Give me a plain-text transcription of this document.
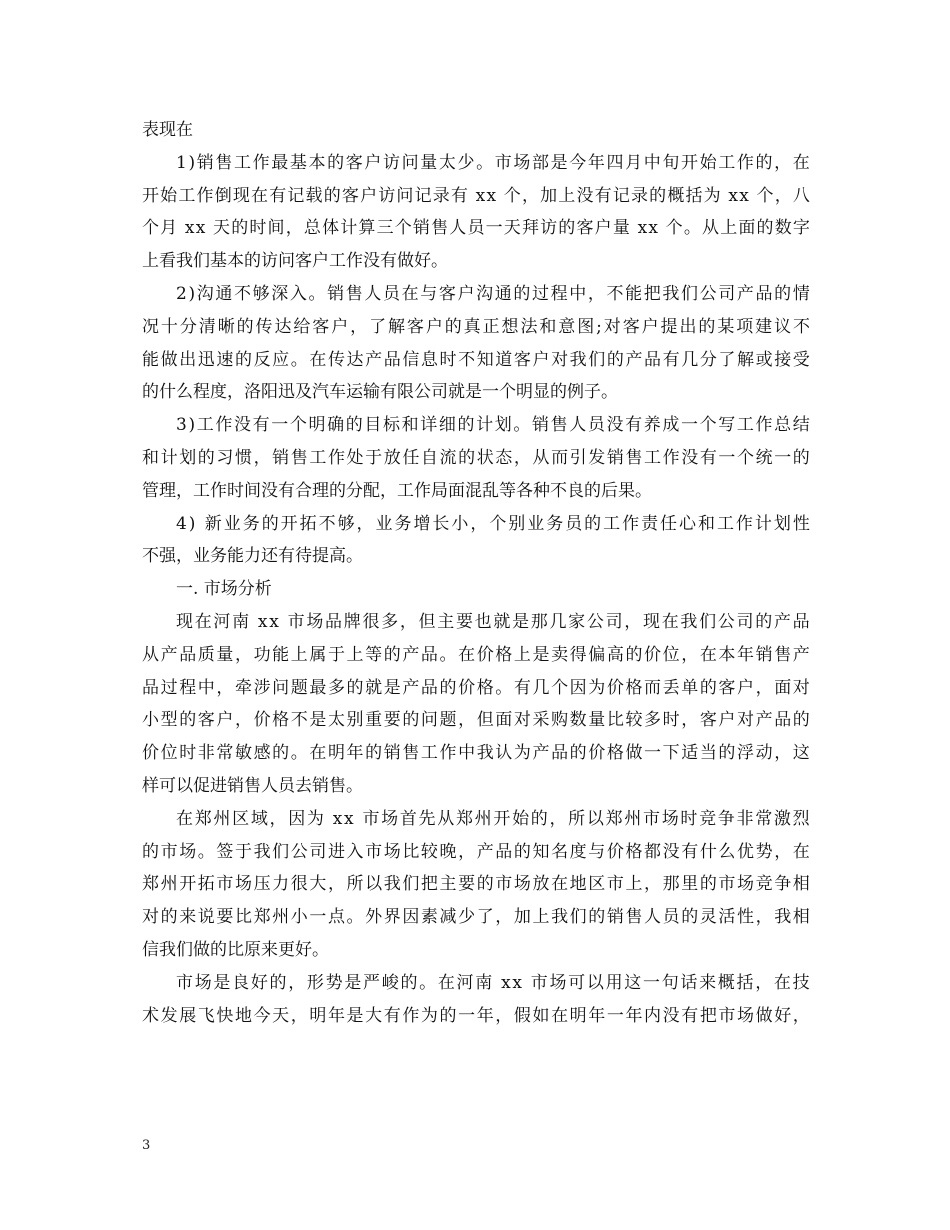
表现在
1 ) 销 售 工 作 最 基 本 的 客 户 访 问 量 太 少 。 市 场 部 是 今 年 四 月 中 旬 开 始 工 作 的 ， 在
开 始 工 作 倒 现 在 有 记 载 的 客 户 访 问 记 录 有
x x
个 ， 加 上 没 有 记 录 的 概 括 为
x x
个 ， 八
个 月
x x
天 的 时 间 ， 总 体 计 算 三 个 销 售 人 员 一 天 拜 访 的 客 户 量
x x
个 。 从 上 面 的 数 字
上看我们基本的访问客户工作没有做好。
2 ) 沟 通 不 够 深 入 。 销 售 人 员 在 与 客 户 沟 通 的 过 程 中 ， 不 能 把 我 们 公 司 产 品 的 情
况 十 分 清 晰 的 传 达 给 客 户 ， 了 解 客 户 的 真 正 想 法 和 意 图 ; 对 客 户 提 出 的 某 项 建 议 不
能 做 出 迅 速 的 反 应 。 在 传 达 产 品 信 息 时 不 知 道 客 户 对 我 们 的 产 品 有 几 分 了 解 或 接 受
的什么程度，洛阳迅及汽车运输有限公司就是一个明显的例子。
3 ) 工 作 没 有 一 个 明 确 的 目 标 和 详 细 的 计 划 。 销 售 人 员 没 有 养 成 一 个 写 工 作 总 结
和 计 划 的 习 惯 ， 销 售 工 作 处 于 放 任 自 流 的 状 态 ， 从 而 引 发 销 售 工 作 没 有 一 个 统 一 的
管理，工作时间没有合理的分配，工作局面混乱等各种不良的后果。
4 )
新 业 务 的 开 拓 不 够 ， 业 务 增 长 小 ， 个 别 业 务 员 的 工 作 责 任 心 和 工 作 计 划 性
不强，业务能力还有待提高。
一. 市场分析
现 在 河 南
x x
市 场 品 牌 很 多 ， 但 主 要 也 就 是 那 几 家 公 司 ， 现 在 我 们 公 司 的 产 品
从 产 品 质 量 ， 功 能 上 属 于 上 等 的 产 品 。 在 价 格 上 是 卖 得 偏 高 的 价 位 ， 在 本 年 销 售 产
品 过 程 中 ， 牵 涉 问 题 最 多 的 就 是 产 品 的 价 格 。 有 几 个 因 为 价 格 而 丢 单 的 客 户 ， 面 对
小 型 的 客 户 ， 价 格 不 是 太 别 重 要 的 问 题 ， 但 面 对 采 购 数 量 比 较 多 时 ， 客 户 对 产 品 的
价 位 时 非 常 敏 感 的 。 在 明 年 的 销 售 工 作 中 我 认 为 产 品 的 价 格 做 一 下 适 当 的 浮 动 ， 这
样可以促进销售人员去销售。
在 郑 州 区 域 ， 因 为
x x
市 场 首 先 从 郑 州 开 始 的 ， 所 以 郑 州 市 场 时 竞 争 非 常 激 烈
的 市 场 。 签 于 我 们 公 司 进 入 市 场 比 较 晚 ， 产 品 的 知 名 度 与 价 格 都 没 有 什 么 优 势 ， 在
郑 州 开 拓 市 场 压 力 很 大 ， 所 以 我 们 把 主 要 的 市 场 放 在 地 区 市 上 ， 那 里 的 市 场 竞 争 相
对 的 来 说 要 比 郑 州 小 一 点 。 外 界 因 素 减 少 了 ， 加 上 我 们 的 销 售 人 员 的 灵 活 性 ， 我 相
信我们做的比原来更好。
市 场 是 良 好 的 ， 形 势 是 严 峻 的 。 在 河 南
x x
市 场 可 以 用 这 一 句 话 来 概 括 ， 在 技
术 发 展 飞 快 地 今 天 ， 明 年 是 大 有 作 为 的 一 年 ， 假 如 在 明 年 一 年 内 没 有 把 市 场 做 好 ，
3
